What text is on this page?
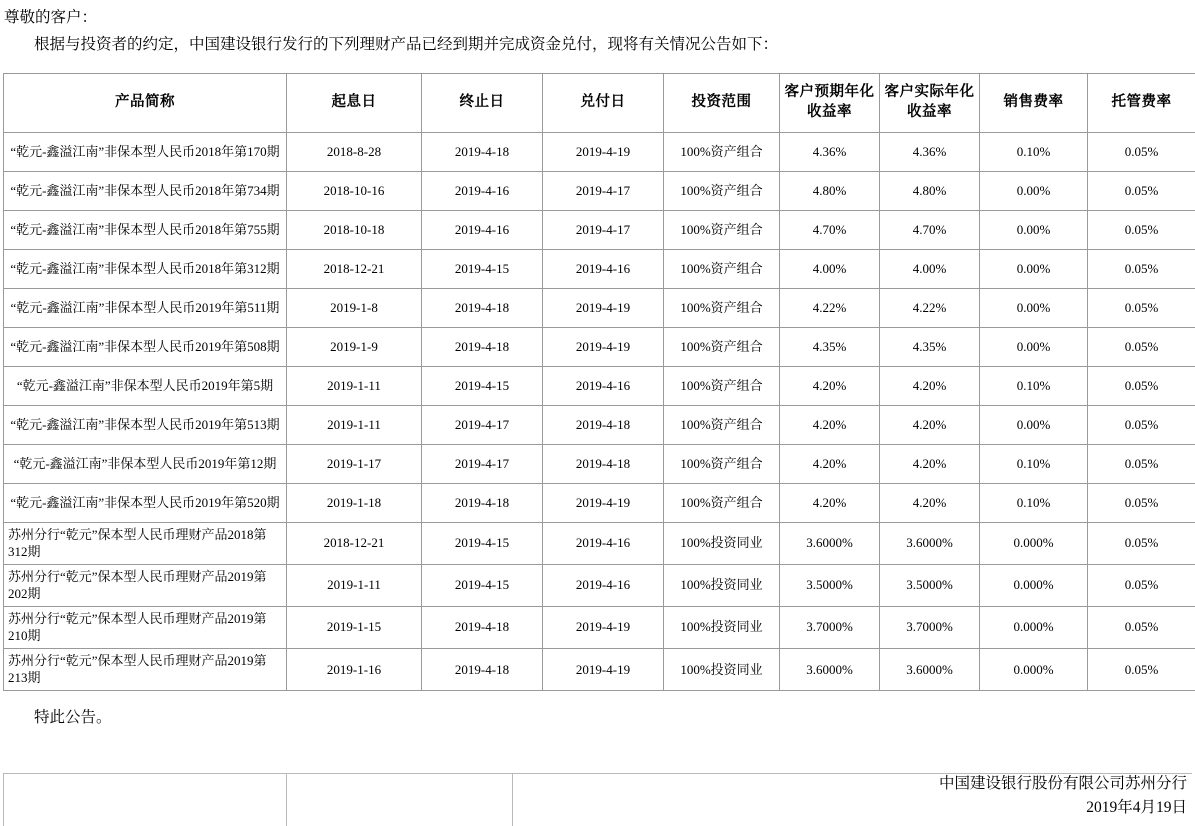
尊敬的客户：
根据与投资者的约定，中国建设银行发行的下列理财产品已经到期并完成资金兑付，现将有关情况公告如下：
产品简称	起息日	终止日	兑付日	投资范围	客户预期年化收益率	客户实际年化收益率	销售费率	托管费率
“乾元-鑫溢江南”非保本型人民币2018年第170期	2018-8-28	2019-4-18	2019-4-19	100%资产组合	4.36%	4.36%	0.10%	0.05%
“乾元-鑫溢江南”非保本型人民币2018年第734期	2018-10-16	2019-4-16	2019-4-17	100%资产组合	4.80%	4.80%	0.00%	0.05%
“乾元-鑫溢江南”非保本型人民币2018年第755期	2018-10-18	2019-4-16	2019-4-17	100%资产组合	4.70%	4.70%	0.00%	0.05%
“乾元-鑫溢江南”非保本型人民币2018年第312期	2018-12-21	2019-4-15	2019-4-16	100%资产组合	4.00%	4.00%	0.00%	0.05%
“乾元-鑫溢江南”非保本型人民币2019年第511期	2019-1-8	2019-4-18	2019-4-19	100%资产组合	4.22%	4.22%	0.00%	0.05%
“乾元-鑫溢江南”非保本型人民币2019年第508期	2019-1-9	2019-4-18	2019-4-19	100%资产组合	4.35%	4.35%	0.00%	0.05%
“乾元-鑫溢江南”非保本型人民币2019年第5期	2019-1-11	2019-4-15	2019-4-16	100%资产组合	4.20%	4.20%	0.10%	0.05%
“乾元-鑫溢江南”非保本型人民币2019年第513期	2019-1-11	2019-4-17	2019-4-18	100%资产组合	4.20%	4.20%	0.00%	0.05%
“乾元-鑫溢江南”非保本型人民币2019年第12期	2019-1-17	2019-4-17	2019-4-18	100%资产组合	4.20%	4.20%	0.10%	0.05%
“乾元-鑫溢江南”非保本型人民币2019年第520期	2019-1-18	2019-4-18	2019-4-19	100%资产组合	4.20%	4.20%	0.10%	0.05%
苏州分行“乾元”保本型人民币理财产品2018第312期	2018-12-21	2019-4-15	2019-4-16	100%投资同业	3.6000%	3.6000%	0.000%	0.05%
苏州分行“乾元”保本型人民币理财产品2019第202期	2019-1-11	2019-4-15	2019-4-16	100%投资同业	3.5000%	3.5000%	0.000%	0.05%
苏州分行“乾元”保本型人民币理财产品2019第210期	2019-1-15	2019-4-18	2019-4-19	100%投资同业	3.7000%	3.7000%	0.000%	0.05%
苏州分行“乾元”保本型人民币理财产品2019第213期	2019-1-16	2019-4-18	2019-4-19	100%投资同业	3.6000%	3.6000%	0.000%	0.05%
特此公告。
中国建设银行股份有限公司苏州分行
2019年4月19日
